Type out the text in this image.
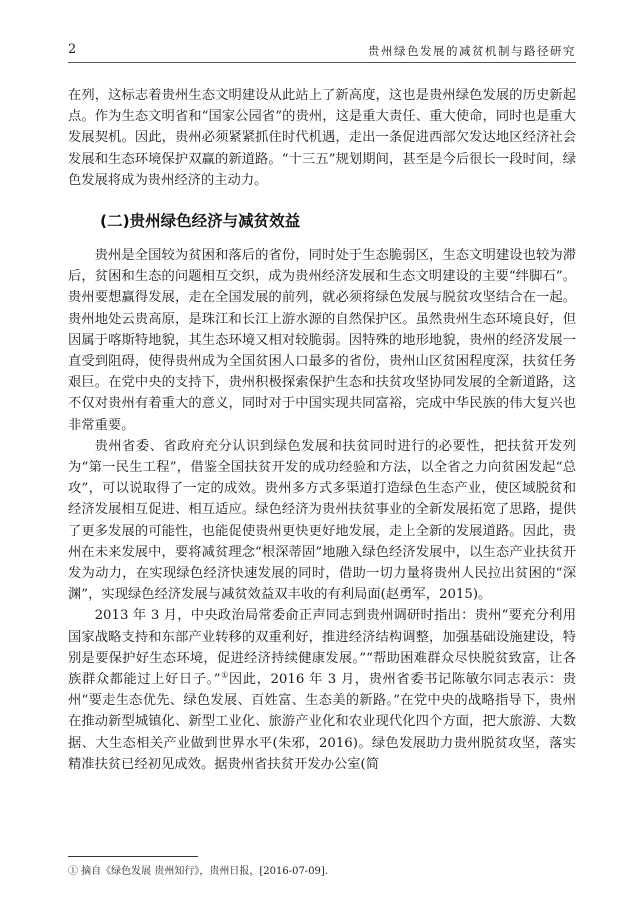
2	贵州绿色发展的减贫机制与路径研究

在列，这标志着贵州生态文明建设从此站上了新高度，这也是贵州绿色发展的历史新起点。作为生态文明省和“国家公园省”的贵州，这是重大责任、重大使命，同时也是重大发展契机。因此，贵州必须紧紧抓住时代机遇，走出一条促进西部欠发达地区经济社会发展和生态环境保护双赢的新道路。“十三五”规划期间，甚至是今后很长一段时间，绿色发展将成为贵州经济的主动力。

(二)贵州绿色经济与减贫效益

贵州是全国较为贫困和落后的省份，同时处于生态脆弱区，生态文明建设也较为滞后，贫困和生态的问题相互交织，成为贵州经济发展和生态文明建设的主要“绊脚石”。贵州要想赢得发展，走在全国发展的前列，就必须将绿色发展与脱贫攻坚结合在一起。贵州地处云贵高原，是珠江和长江上游水源的自然保护区。虽然贵州生态环境良好，但因属于喀斯特地貌，其生态环境又相对较脆弱。因特殊的地形地貌，贵州的经济发展一直受到阻碍，使得贵州成为全国贫困人口最多的省份，贵州山区贫困程度深，扶贫任务艰巨。在党中央的支持下，贵州积极探索保护生态和扶贫攻坚协同发展的全新道路，这不仅对贵州有着重大的意义，同时对于中国实现共同富裕，完成中华民族的伟大复兴也非常重要。

贵州省委、省政府充分认识到绿色发展和扶贫同时进行的必要性，把扶贫开发列为“第一民生工程”，借鉴全国扶贫开发的成功经验和方法，以全省之力向贫困发起“总攻”，可以说取得了一定的成效。贵州多方式多渠道打造绿色生态产业，使区域脱贫和经济发展相互促进、相互适应。绿色经济为贵州扶贫事业的全新发展拓宽了思路，提供了更多发展的可能性，也能促使贵州更快更好地发展，走上全新的发展道路。因此，贵州在未来发展中，要将减贫理念“根深蒂固”地融入绿色经济发展中，以生态产业扶贫开发为动力，在实现绿色经济快速发展的同时，借助一切力量将贵州人民拉出贫困的“深渊”，实现绿色经济发展与减贫效益双丰收的有利局面(赵勇军，2015)。

2013 年 3 月，中央政治局常委俞正声同志到贵州调研时指出：贵州“要充分利用国家战略支持和东部产业转移的双重利好，推进经济结构调整，加强基础设施建设，特别是要保护好生态环境，促进经济持续健康发展。”“帮助困难群众尽快脱贫致富，让各族群众都能过上好日子。”①因此，2016 年 3 月，贵州省委书记陈敏尔同志表示：贵州“要走生态优先、绿色发展、百姓富、生态美的新路。”在党中央的战略指导下，贵州在推动新型城镇化、新型工业化、旅游产业化和农业现代化四个方面，把大旅游、大数据、大生态相关产业做到世界水平(朱邪，2016)。绿色发展助力贵州脱贫攻坚，落实精准扶贫已经初见成效。据贵州省扶贫开发办公室(简

① 摘自《绿色发展 贵州知行》，贵州日报，[2016-07-09].
